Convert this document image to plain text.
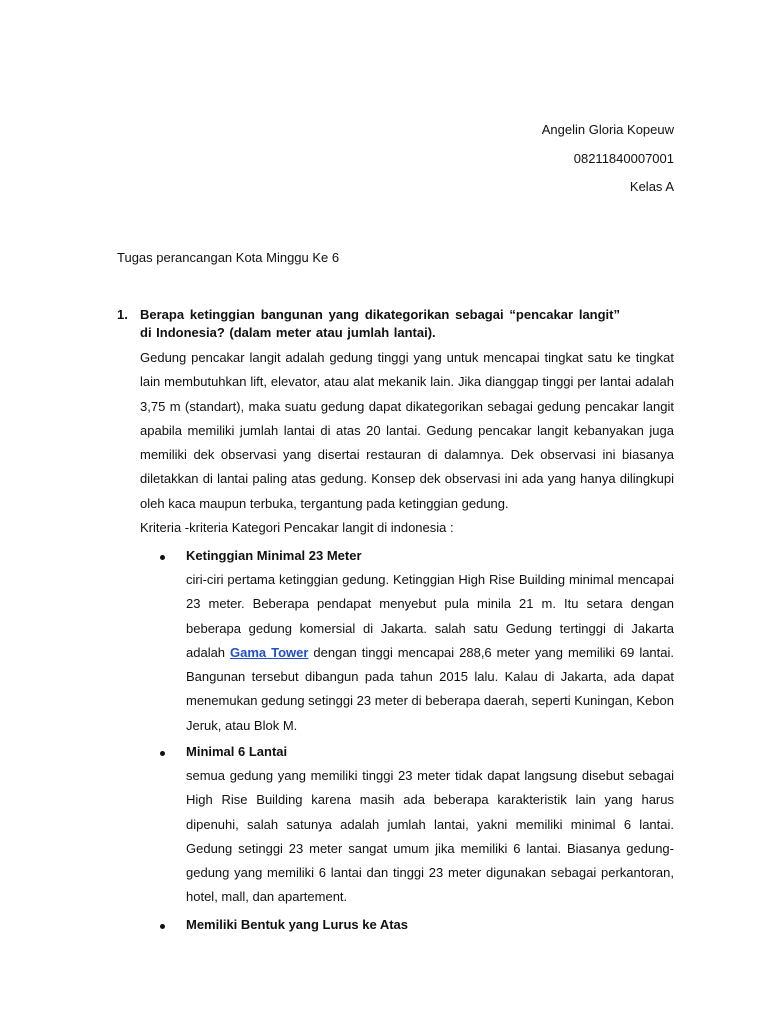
Angelin Gloria Kopeuw
08211840007001
Kelas A
Tugas perancangan Kota Minggu Ke 6
1. Berapa ketinggian bangunan yang dikategorikan sebagai “pencakar langit” di Indonesia? (dalam meter atau jumlah lantai).
Gedung pencakar langit adalah gedung tinggi yang untuk mencapai tingkat satu ke tingkat lain membutuhkan lift, elevator, atau alat mekanik lain. Jika dianggap tinggi per lantai adalah 3,75 m (standart), maka suatu gedung dapat dikategorikan sebagai gedung pencakar langit apabila memiliki jumlah lantai di atas 20 lantai. Gedung pencakar langit kebanyakan juga memiliki dek observasi yang disertai restauran di dalamnya. Dek observasi ini biasanya diletakkan di lantai paling atas gedung. Konsep dek observasi ini ada yang hanya dilingkupi oleh kaca maupun terbuka, tergantung pada ketinggian gedung.
Kriteria -kriteria Kategori Pencakar langit di indonesia :
Ketinggian Minimal 23 Meter
ciri-ciri pertama ketinggian gedung. Ketinggian High Rise Building minimal mencapai 23 meter. Beberapa pendapat menyebut pula minila 21 m. Itu setara dengan beberapa gedung komersial di Jakarta. salah satu Gedung tertinggi di Jakarta adalah Gama Tower dengan tinggi mencapai 288,6 meter yang memiliki 69 lantai. Bangunan tersebut dibangun pada tahun 2015 lalu. Kalau di Jakarta, ada dapat menemukan gedung setinggi 23 meter di beberapa daerah, seperti Kuningan, Kebon Jeruk, atau Blok M.
Minimal 6 Lantai
semua gedung yang memiliki tinggi 23 meter tidak dapat langsung disebut sebagai High Rise Building karena masih ada beberapa karakteristik lain yang harus dipenuhi, salah satunya adalah jumlah lantai, yakni memiliki minimal 6 lantai. Gedung setinggi 23 meter sangat umum jika memiliki 6 lantai. Biasanya gedung-gedung yang memiliki 6 lantai dan tinggi 23 meter digunakan sebagai perkantoran, hotel, mall, dan apartement.
Memiliki Bentuk yang Lurus ke Atas
